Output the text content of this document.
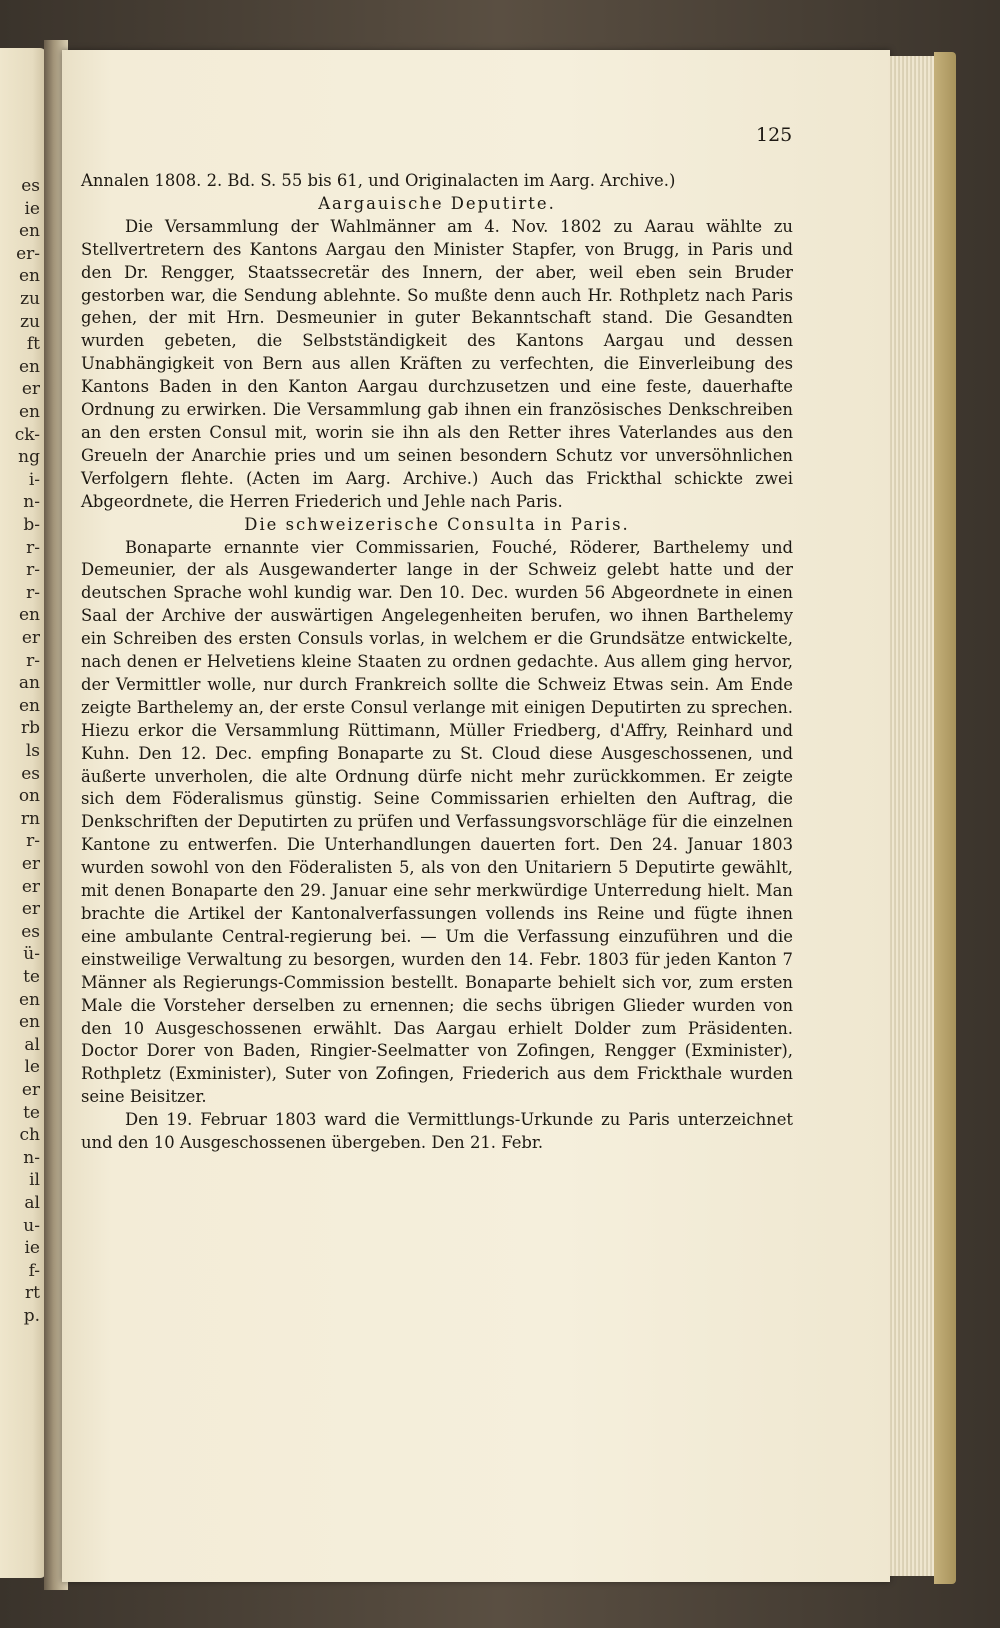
es
ie
en
er-
en
zu
zu
ft
en
er
en
ck-
ng
i-
n-
b-
r-
r-
r-
en
er
r-
an
en
rb
ls
es
on
rn
r-
er
er
er
es
ü-
te
en
en
al
le
er
te
ch
n-
il
al
u-
ie
f-
rt
p.
125

Annalen 1808. 2. Bd. S. 55 bis 61, und Originalacten im Aarg. Archive.)

Aargauische Deputirte.

Die Versammlung der Wahlmänner am 4. Nov. 1802 zu Aarau wählte zu Stellvertretern des Kantons Aargau den Minister Stapfer, von Brugg, in Paris und den Dr. Rengger, Staatssecretär des Innern, der aber, weil eben sein Bruder gestorben war, die Sendung ablehnte. So mußte denn auch Hr. Rothpletz nach Paris gehen, der mit Hrn. Desmeunier in guter Bekanntschaft stand. Die Gesandten wurden gebeten, die Selbstständigkeit des Kantons Aargau und dessen Unabhängigkeit von Bern aus allen Kräften zu verfechten, die Einverleibung des Kantons Baden in den Kanton Aargau durchzusetzen und eine feste, dauerhafte Ordnung zu erwirken. Die Versammlung gab ihnen ein französisches Denkschreiben an den ersten Consul mit, worin sie ihn als den Retter ihres Vaterlandes aus den Greueln der Anarchie pries und um seinen besondern Schutz vor unversöhnlichen Verfolgern flehte. (Acten im Aarg. Archive.) Auch das Frickthal schickte zwei Abgeordnete, die Herren Friederich und Jehle nach Paris.

Die schweizerische Consulta in Paris.

Bonaparte ernannte vier Commissarien, Fouché, Röderer, Barthelemy und Demeunier, der als Ausgewanderter lange in der Schweiz gelebt hatte und der deutschen Sprache wohl kundig war. Den 10. Dec. wurden 56 Abgeordnete in einen Saal der Archive der auswärtigen Angelegenheiten berufen, wo ihnen Barthelemy ein Schreiben des ersten Consuls vorlas, in welchem er die Grundsätze entwickelte, nach denen er Helvetiens kleine Staaten zu ordnen gedachte. Aus allem ging hervor, der Vermittler wolle, nur durch Frankreich sollte die Schweiz Etwas sein. Am Ende zeigte Barthelemy an, der erste Consul verlange mit einigen Deputirten zu sprechen. Hiezu erkor die Versammlung Rüttimann, Müller Friedberg, d'Affry, Reinhard und Kuhn. Den 12. Dec. empfing Bonaparte zu St. Cloud diese Ausgeschossenen, und äußerte unverholen, die alte Ordnung dürfe nicht mehr zurückkommen. Er zeigte sich dem Föderalismus günstig. Seine Commissarien erhielten den Auftrag, die Denkschriften der Deputirten zu prüfen und Verfassungsvorschläge für die einzelnen Kantone zu entwerfen. Die Unterhandlungen dauerten fort. Den 24. Januar 1803 wurden sowohl von den Föderalisten 5, als von den Unitariern 5 Deputirte gewählt, mit denen Bonaparte den 29. Januar eine sehr merkwürdige Unterredung hielt. Man brachte die Artikel der Kantonalverfassungen vollends ins Reine und fügte ihnen eine ambulante Central-regierung bei. — Um die Verfassung einzuführen und die einstweilige Verwaltung zu besorgen, wurden den 14. Febr. 1803 für jeden Kanton 7 Männer als Regierungs-Commission bestellt. Bonaparte behielt sich vor, zum ersten Male die Vorsteher derselben zu ernennen; die sechs übrigen Glieder wurden von den 10 Ausgeschossenen erwählt. Das Aargau erhielt Dolder zum Präsidenten. Doctor Dorer von Baden, Ringier-Seelmatter von Zofingen, Rengger (Exminister), Rothpletz (Exminister), Suter von Zofingen, Friederich aus dem Frickthale wurden seine Beisitzer.

Den 19. Februar 1803 ward die Vermittlungs-Urkunde zu Paris unterzeichnet und den 10 Ausgeschossenen übergeben. Den 21. Febr.
